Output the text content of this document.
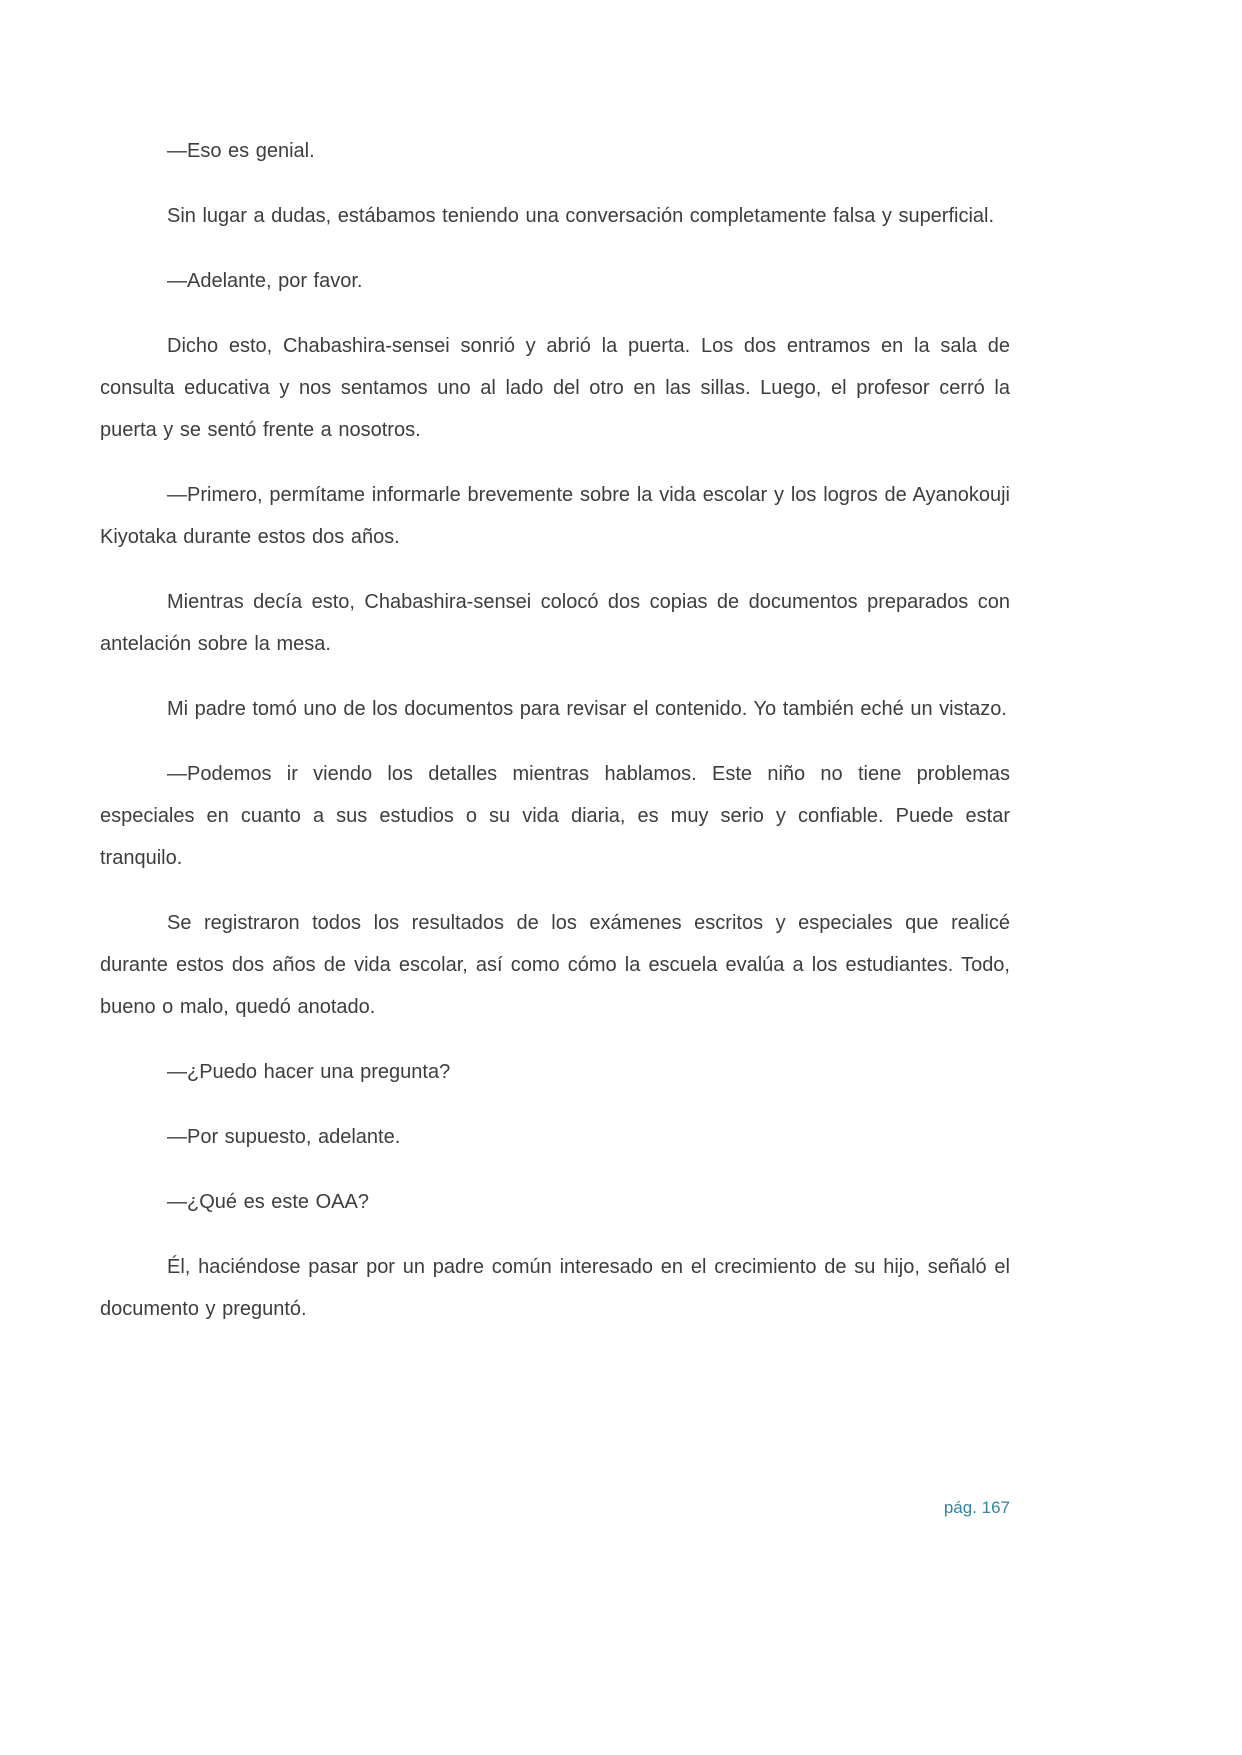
—Eso es genial.

Sin lugar a dudas, estábamos teniendo una conversación completamente falsa y superficial.

—Adelante, por favor.

Dicho esto, Chabashira-sensei sonrió y abrió la puerta. Los dos entramos en la sala de consulta educativa y nos sentamos uno al lado del otro en las sillas. Luego, el profesor cerró la puerta y se sentó frente a nosotros.

—Primero, permítame informarle brevemente sobre la vida escolar y los logros de Ayanokouji Kiyotaka durante estos dos años.

Mientras decía esto, Chabashira-sensei colocó dos copias de documentos preparados con antelación sobre la mesa.

Mi padre tomó uno de los documentos para revisar el contenido. Yo también eché un vistazo.

—Podemos ir viendo los detalles mientras hablamos. Este niño no tiene problemas especiales en cuanto a sus estudios o su vida diaria, es muy serio y confiable. Puede estar tranquilo.

Se registraron todos los resultados de los exámenes escritos y especiales que realicé durante estos dos años de vida escolar, así como cómo la escuela evalúa a los estudiantes. Todo, bueno o malo, quedó anotado.

—¿Puedo hacer una pregunta?

—Por supuesto, adelante.

—¿Qué es este OAA?

Él, haciéndose pasar por un padre común interesado en el crecimiento de su hijo, señaló el documento y preguntó.

pág. 167
